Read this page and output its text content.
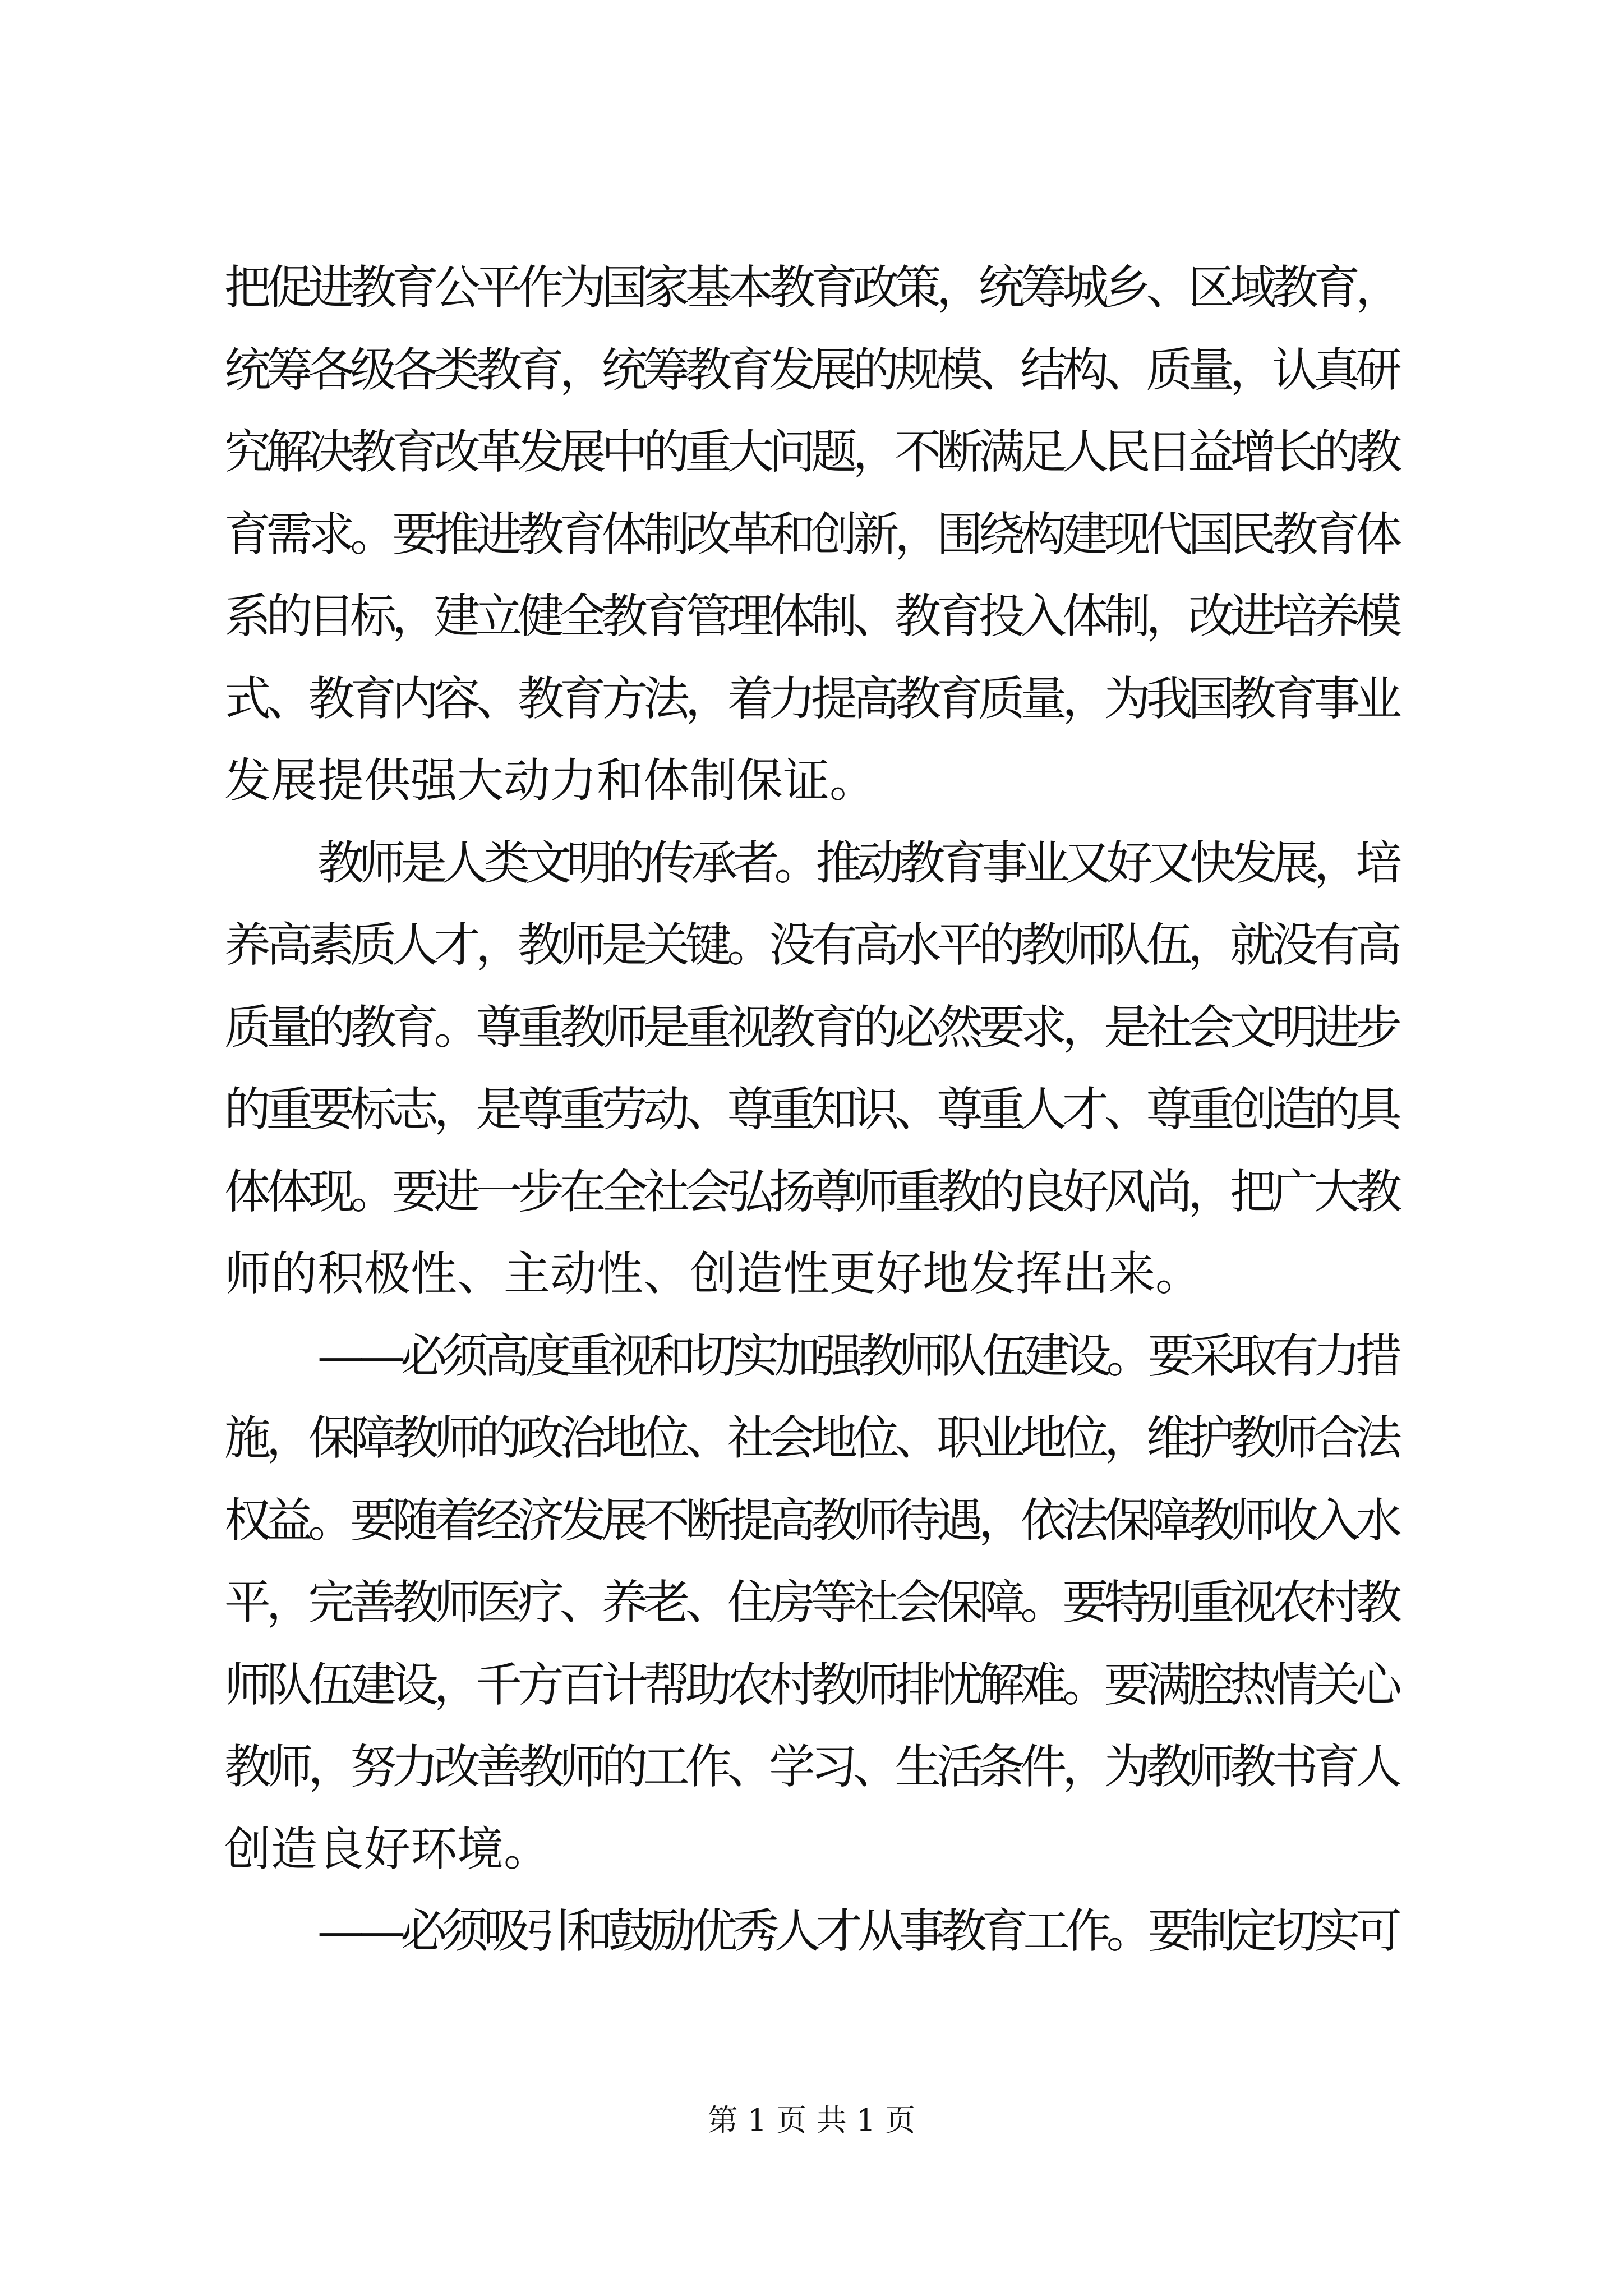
把促进教育公平作为国家基本教育政策，统筹城乡、区域教育，
统筹各级各类教育，统筹教育发展的规模、结构、质量，认真研
究解决教育改革发展中的重大问题，不断满足人民日益增长的教
育需求。要推进教育体制改革和创新，围绕构建现代国民教育体
系的目标，建立健全教育管理体制、教育投入体制，改进培养模
式、教育内容、教育方法，着力提高教育质量，为我国教育事业
发展提供强大动力和体制保证。
教师是人类文明的传承者。推动教育事业又好又快发展，培
养高素质人才，教师是关键。没有高水平的教师队伍，就没有高
质量的教育。尊重教师是重视教育的必然要求，是社会文明进步
的重要标志，是尊重劳动、尊重知识、尊重人才、尊重创造的具
体体现。要进一步在全社会弘扬尊师重教的良好风尚，把广大教
师的积极性、主动性、创造性更好地发挥出来。
——必须高度重视和切实加强教师队伍建设。要采取有力措
施，保障教师的政治地位、社会地位、职业地位，维护教师合法
权益。要随着经济发展不断提高教师待遇，依法保障教师收入水
平，完善教师医疗、养老、住房等社会保障。要特别重视农村教
师队伍建设，千方百计帮助农村教师排忧解难。要满腔热情关心
教师，努力改善教师的工作、学习、生活条件，为教师教书育人
创造良好环境。
——必须吸引和鼓励优秀人才从事教育工作。要制定切实可
第 1 页 共 1 页
